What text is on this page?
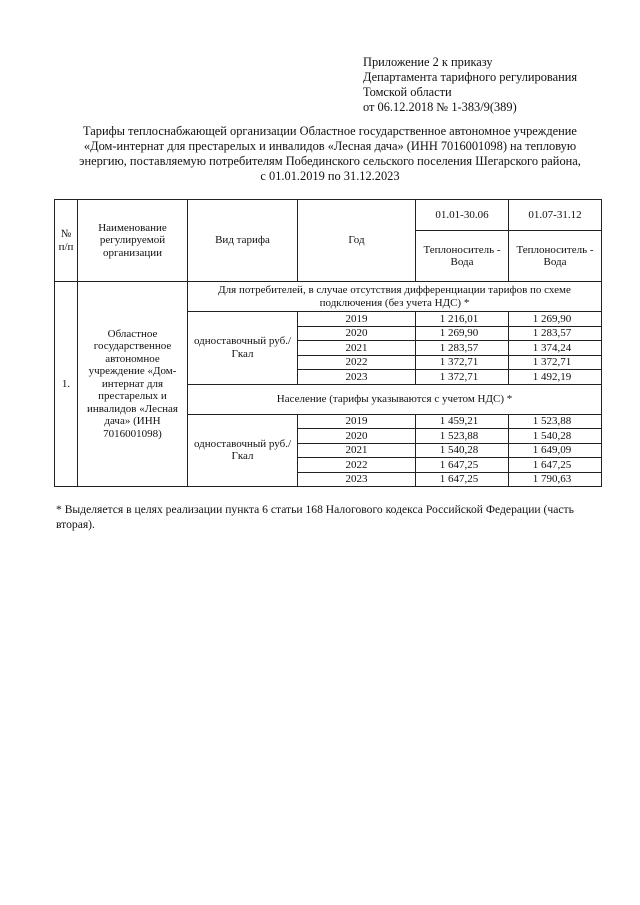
Приложение 2 к приказу
Департамента тарифного регулирования
Томской области
от 06.12.2018 № 1-383/9(389)
Тарифы теплоснабжающей организации Областное государственное автономное учреждение
«Дом-интернат для престарелых и инвалидов «Лесная дача» (ИНН 7016001098) на тепловую
энергию, поставляемую потребителям Побединского сельского поселения Шегарского района,
с 01.01.2019 по 31.12.2023
№ п/п	Наименование регулируемой организации	Вид тарифа	Год	01.01-30.06	01.07-31.12
				Теплоноситель - Вода	Теплоноситель - Вода
1.	Областное государственное автономное учреждение «Дом-интернат для престарелых и инвалидов «Лесная дача» (ИНН 7016001098)	Для потребителей, в случае отсутствия дифференциации тарифов по схеме подключения (без учета НДС) *			
		одноставочный руб./Гкал	2019	1 216,01	1 269,90
			2020	1 269,90	1 283,57
			2021	1 283,57	1 374,24
			2022	1 372,71	1 372,71
			2023	1 372,71	1 492,19
		Население (тарифы указываются с учетом НДС) *			
		одноставочный руб./Гкал	2019	1 459,21	1 523,88
			2020	1 523,88	1 540,28
			2021	1 540,28	1 649,09
			2022	1 647,25	1 647,25
			2023	1 647,25	1 790,63
* Выделяется в целях реализации пункта 6 статьи 168 Налогового кодекса Российской Федерации (часть вторая).
